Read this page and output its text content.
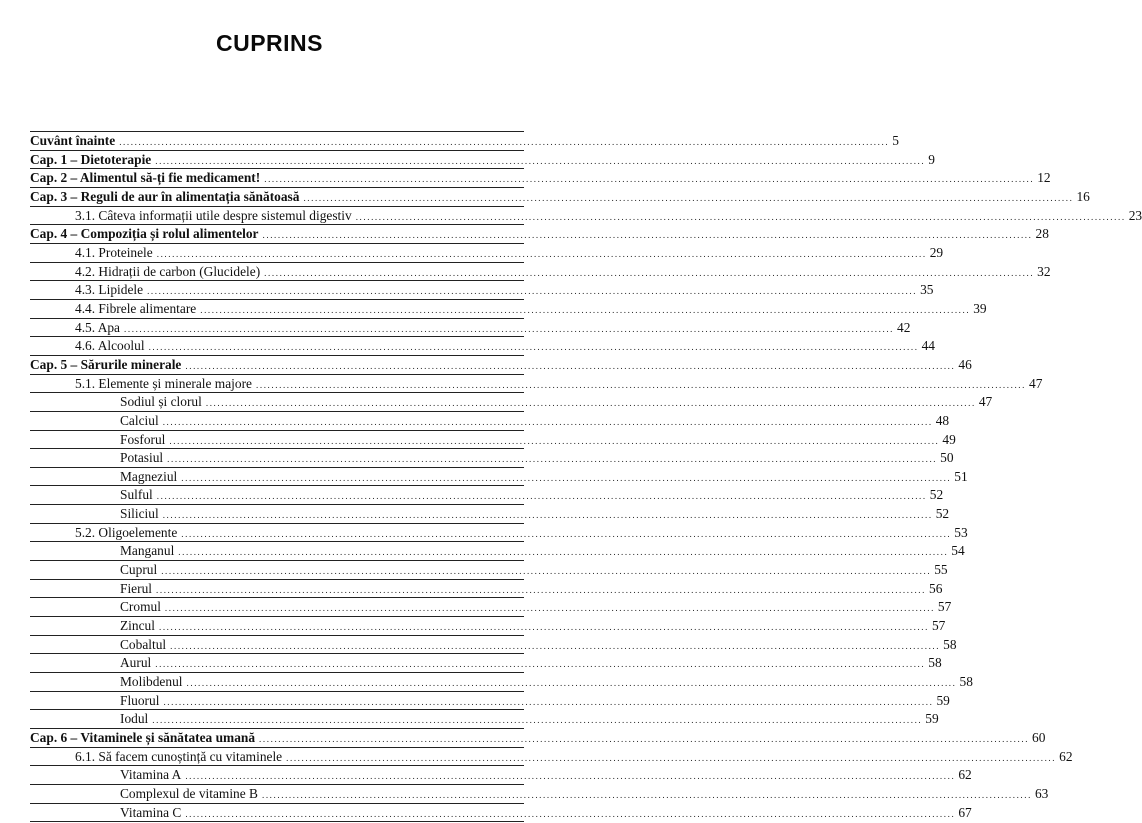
CUPRINS
Cuvânt înainte ........................................................................................................................................................................................................ 5
Cap. 1 – Dietoterapie ........................................................................................................................................................................................................ 9
Cap. 2 – Alimentul să-ți fie medicament! ........................................................................................................................................................................................................ 12
Cap. 3 – Reguli de aur în alimentația sănătoasă ........................................................................................................................................................................................................ 16
3.1. Câteva informații utile despre sistemul digestiv ........................................................................................................................................................................................................ 23
Cap. 4 – Compoziția și rolul alimentelor ........................................................................................................................................................................................................ 28
4.1. Proteinele ........................................................................................................................................................................................................ 29
4.2. Hidrații de carbon (Glucidele) ........................................................................................................................................................................................................ 32
4.3. Lipidele ........................................................................................................................................................................................................ 35
4.4. Fibrele alimentare ........................................................................................................................................................................................................ 39
4.5. Apa ........................................................................................................................................................................................................ 42
4.6. Alcoolul ........................................................................................................................................................................................................ 44
Cap. 5 – Sărurile minerale ........................................................................................................................................................................................................ 46
5.1. Elemente și minerale majore ........................................................................................................................................................................................................ 47
Sodiul și clorul ........................................................................................................................................................................................................ 47
Calciul ........................................................................................................................................................................................................ 48
Fosforul ........................................................................................................................................................................................................ 49
Potasiul ........................................................................................................................................................................................................ 50
Magneziul ........................................................................................................................................................................................................ 51
Sulful ........................................................................................................................................................................................................ 52
Siliciul ........................................................................................................................................................................................................ 52
5.2. Oligoelemente ........................................................................................................................................................................................................ 53
Manganul ........................................................................................................................................................................................................ 54
Cuprul ........................................................................................................................................................................................................ 55
Fierul ........................................................................................................................................................................................................ 56
Cromul ........................................................................................................................................................................................................ 57
Zincul ........................................................................................................................................................................................................ 57
Cobaltul ........................................................................................................................................................................................................ 58
Aurul ........................................................................................................................................................................................................ 58
Molibdenul ........................................................................................................................................................................................................ 58
Fluorul ........................................................................................................................................................................................................ 59
Iodul ........................................................................................................................................................................................................ 59
Cap. 6 – Vitaminele și sănătatea umană ........................................................................................................................................................................................................ 60
6.1. Să facem cunoștință cu vitaminele ........................................................................................................................................................................................................ 62
Vitamina A ........................................................................................................................................................................................................ 62
Complexul de vitamine B ........................................................................................................................................................................................................ 63
Vitamina C ........................................................................................................................................................................................................ 67
